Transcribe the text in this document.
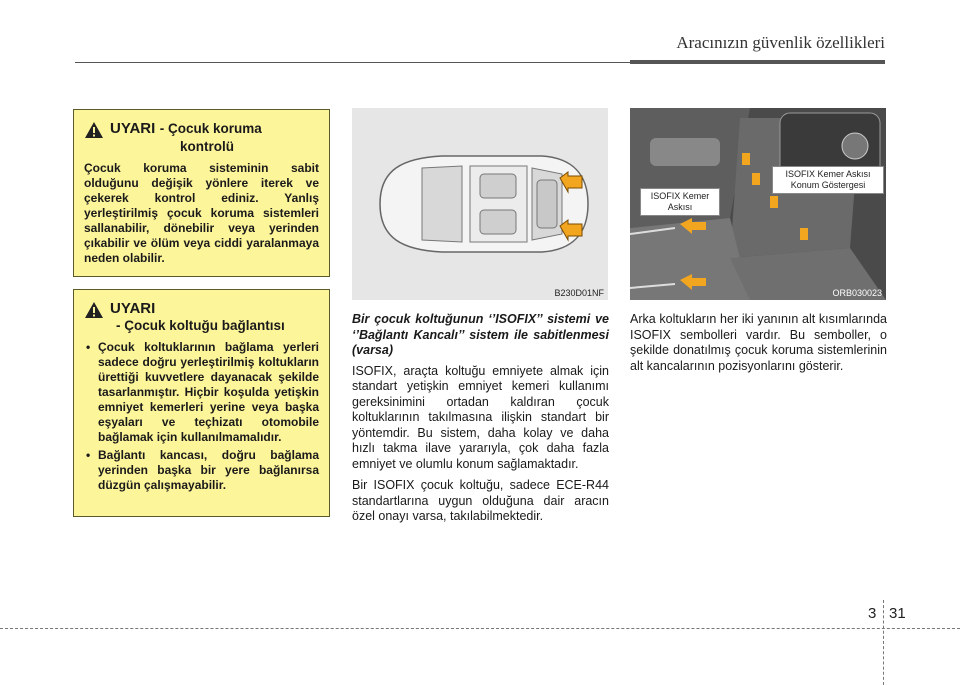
Aracınızın güvenlik özellikleri
UYARI - Çocuk koruma
kontrolü

Çocuk koruma sisteminin sabit olduğunu değişik yönlere iterek ve çekerek kontrol ediniz. Yanlış yerleştirilmiş çocuk koruma sistemleri sallanabilir, dönebilir veya yerinden çıkabilir ve ölüm veya ciddi yaralanmaya neden olabilir.

UYARI
- Çocuk koltuğu bağlantısı
• Çocuk koltuklarının bağlama yerleri sadece doğru yerleştirilmiş koltukların ürettiği kuvvetlere dayanacak şekilde tasarlanmıştır. Hiçbir koşulda yetişkin emniyet kemerleri yerine veya başka eşyaları ve teçhizatı otomobile bağlamak için kullanılmamalıdır.
• Bağlantı kancası, doğru bağlama yerinden başka bir yere bağlanırsa düzgün çalışmayabilir.
B230D01NF
ISOFIX Kemer
Askısı
ISOFIX Kemer Askısı
Konum Göstergesi
ORB030023
Bir çocuk koltuğunun ‘’ISOFIX’’ sistemi ve ‘’Bağlantı Kancalı’’ sistem ile sabitlenmesi (varsa)

ISOFIX, araçta koltuğu emniyete almak için standart yetişkin emniyet kemeri kullanımı gereksinimini ortadan kaldıran çocuk koltuklarının takılmasına ilişkin standart bir yöntemdir. Bu sistem, daha kolay ve daha hızlı takma ilave yararıyla, çok daha fazla emniyet ve olumlu konum sağlamaktadır.

Bir ISOFIX çocuk koltuğu, sadece ECE-R44 standartlarına uygun olduğuna dair aracın özel onayı varsa, takılabilmektedir.

Arka koltukların her iki yanının alt kısımlarında ISOFIX sembolleri vardır. Bu semboller, o şekilde donatılmış çocuk koruma sistemlerinin alt kancalarının pozisyonlarını gösterir.

3 31
